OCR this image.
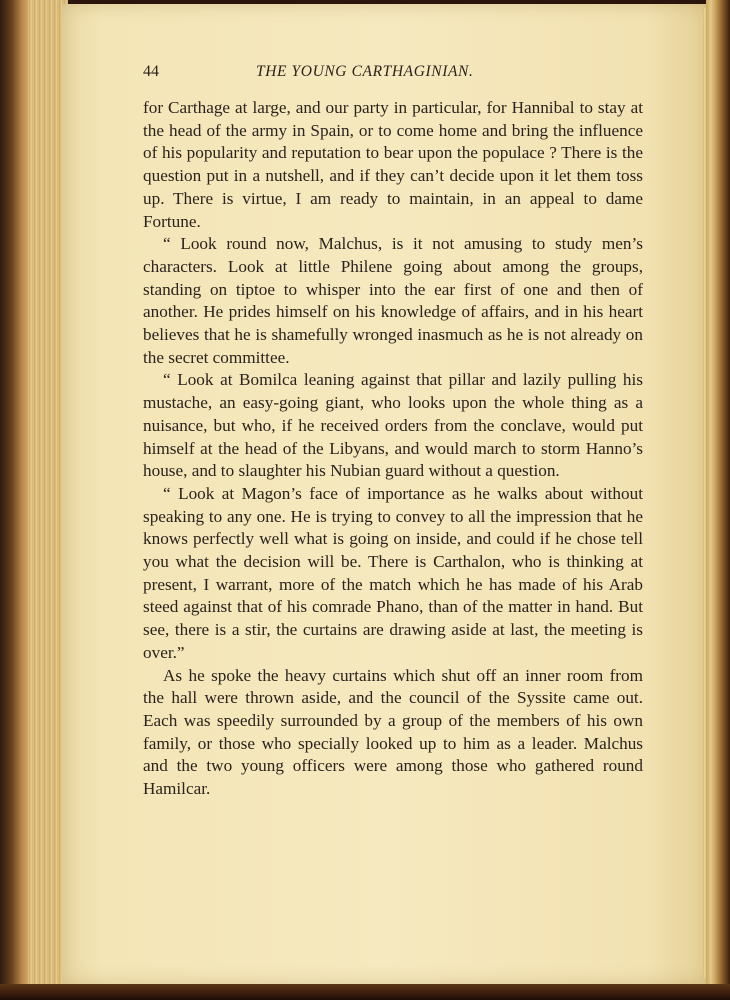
44	THE YOUNG CARTHAGINIAN.

for Carthage at large, and our party in particular, for Hannibal to stay at the head of the army in Spain, or to come home and bring the influence of his popularity and reputation to bear upon the populace ? There is the question put in a nutshell, and if they can’t decide upon it let them toss up. There is virtue, I am ready to maintain, in an appeal to dame Fortune.

“ Look round now, Malchus, is it not amusing to study men’s characters. Look at little Philene going about among the groups, standing on tiptoe to whisper into the ear first of one and then of another. He prides himself on his knowledge of affairs, and in his heart believes that he is shamefully wronged inasmuch as he is not already on the secret committee.

“ Look at Bomilca leaning against that pillar and lazily pulling his mustache, an easy-going giant, who looks upon the whole thing as a nuisance, but who, if he received orders from the conclave, would put himself at the head of the Libyans, and would march to storm Hanno’s house, and to slaughter his Nubian guard without a question.

“ Look at Magon’s face of importance as he walks about without speaking to any one. He is trying to convey to all the impression that he knows perfectly well what is going on inside, and could if he chose tell you what the decision will be. There is Carthalon, who is thinking at present, I warrant, more of the match which he has made of his Arab steed against that of his comrade Phano, than of the matter in hand. But see, there is a stir, the curtains are drawing aside at last, the meeting is over.”

As he spoke the heavy curtains which shut off an inner room from the hall were thrown aside, and the council of the Syssite came out. Each was speedily surrounded by a group of the members of his own family, or those who specially looked up to him as a leader. Malchus and the two young officers were among those who gathered round Hamilcar.
